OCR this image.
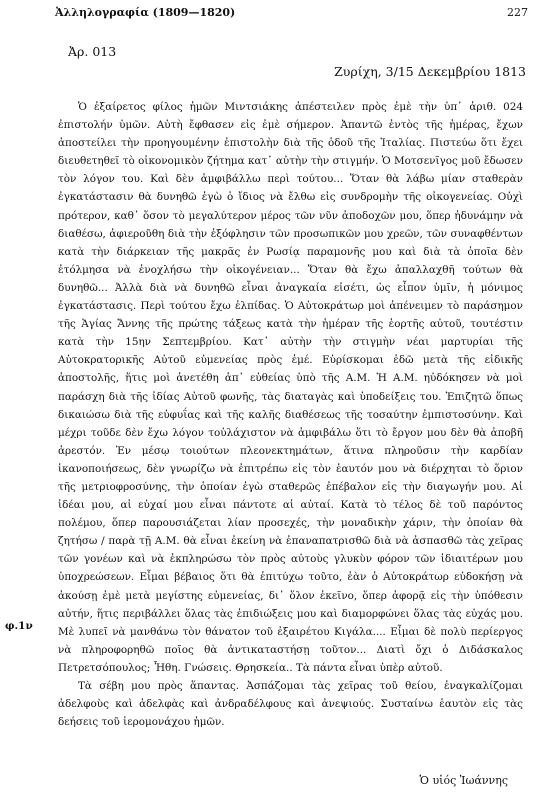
Ἀλληλογραφία (1809—1820)	227
Ἀρ. 013
Ζυρίχη, 3/15 Δεκεμβρίου 1813
φ.1ν

Ὁ ἐξαίρετος φίλος ἡμῶν Μιντσιάκης ἀπέστειλεν πρὸς ἐμὲ τὴν ὑπ᾽ ἀριθ. 024 ἐπιστολήν ὑμῶν. Αὐτὴ ἔφθασεν εἰς ἐμὲ σήμερον. Ἀπαντῶ ἐντὸς τῆς ἡμέρας, ἔχων ἀποστείλει τὴν προηγουμένην ἐπιστολὴν διὰ τῆς ὁδοῦ τῆς Ἰταλίας. Πιστεύω ὅτι ἔχει διευθετηθεῖ τὸ οἰκονομικὸν ζήτημα κατ᾽ αὐτὴν τὴν στιγμήν. Ὁ Μοτσενῖγος μοῦ ἔδωσεν τὸν λόγον του. Καὶ δὲν ἀμφιβάλλω περὶ τούτου... Ὅταν θὰ λάβω μίαν σταθερὰν ἐγκατάστασιν θὰ δυνηθῶ ἐγὼ ὁ ἴδιος νὰ ἔλθω εἰς συνδρομὴν τῆς οἰκογενείας. Οὐχὶ πρότερον, καθ᾽ ὅσον τὸ μεγαλύτερον μέρος τῶν νῦν ἀποδοχῶν μου, ὅπερ ἠδυνάμην νὰ διαθέσω, ἀφιεροῦθη διὰ τὴν ἐξόφλησιν τῶν προσωπικῶν μου χρεῶν, τῶν συναφθέντων κατὰ τὴν διάρκειαν τῆς μακρᾶς ἐν Ρωσίᾳ παραμονῆς μου καὶ διὰ τὰ ὁποῖα δὲν ἐτόλμησα νὰ ἐνοχλήσω τὴν οἰκογένειαν... Ὅταν θὰ ἔχω ἀπαλλαχθῆ τούτων θὰ δυνηθῶ... Ἀλλὰ διὰ νὰ δυνηθῶ εἶναι ἀναγκαία εἰσέτι, ὡς εἶπον ὑμῖν, ἡ μόνιμος ἐγκατάστασις. Περὶ τούτου ἔχω ἐλπίδας. Ὁ Αὐτοκράτωρ μοὶ ἀπένειμεν τὸ παράσημον τῆς Ἁγίας Ἄννης τῆς πρώτης τάξεως κατὰ τὴν ἡμέραν τῆς ἑορτῆς αὐτοῦ, τουτέστιν κατὰ τὴν 15ην Σεπτεμβρίου. Κατ᾽ αὐτὴν τὴν στιγμὴν νέαι μαρτυρίαι τῆς Αὐτοκρατορικῆς Αὐτοῦ εὐμενείας πρὸς ἐμέ. Εὑρίσκομαι ἐδῶ μετὰ τῆς εἰδικῆς ἀποστολῆς, ἥτις μοὶ ἀνετέθη ἀπ᾽ εὐθείας ὑπὸ τῆς Α.Μ. Ἡ Α.Μ. ηὐδόκησεν νὰ μοὶ παράσχη διὰ τῆς ἰδίας Αὐτοῦ φωνῆς, τὰς διαταγὰς καὶ ὑποδείξεις του. Ἐπιζητῶ ὅπως δικαιώσω διὰ τῆς εὐφυΐας καὶ τῆς καλῆς διαθέσεως τῆς τοσαύτην ἐμπιστοσύνην. Καὶ μέχρι τοῦδε δὲν ἔχω λόγον τοὐλάχιστον νὰ ἀμφιβάλω ὅτι τὸ ἔργον μου δὲν θὰ ἀποβῆ ἀρεστόν. Ἐν μέσῳ τοιούτων πλεονεκτημάτων, ἅτινα πληροῦσιν τὴν καρδίαν ἱκανοποιήσεως, δὲν γνωρίζω νὰ ἐπιτρέπω εἰς τὸν ἑαυτόν μου νὰ διέρχηται τὸ ὅριον τῆς μετριοφροσύνης, τὴν ὁποίαν ἐγὼ σταθερῶς ἐπέβαλον εἰς τὴν διαγωγήν μου. Αἱ ἰδέαι μου, αἱ εὐχαί μου εἶναι πάντοτε αἱ αὐταί. Κατὰ τὸ τέλος δὲ τοῦ παρόντος πολέμου, ὅπερ παρουσιάζεται λίαν προσεχές, τὴν μοναδικὴν χάριν, τὴν ὁποίαν θὰ ζητήσω / παρὰ τῇ Α.Μ. θὰ εἶναι ἐκείνη νὰ ἐπαναπατρισθῶ διὰ νὰ ἀσπασθῶ τὰς χεῖρας τῶν γονέων καὶ νὰ ἐκπληρώσω τὸν πρὸς αὐτοὺς γλυκὺν φόρον τῶν ἰδιαιτέρων μου ὑποχρεώσεων. Εἶμαι βέβαιος ὅτι θὰ ἐπιτύχω τοῦτο, ἐὰν ὁ Αὐτοκράτωρ εὐδοκήσῃ νὰ ἀκούσῃ ἐμὲ μετὰ μεγίστης εὐμενείας, δι᾽ ὅλον ἐκεῖνο, ὅπερ ἀφορᾷ εἰς τὴν ὑπόθεσιν αὐτήν, ἥτις περιβάλλει ὅλας τὰς ἐπιδιώξεις μου καὶ διαμορφώνει ὅλας τὰς εὐχάς μου. Μὲ λυπεῖ νὰ μανθάνω τὸν θάνατον τοῦ ἐξαιρέτου Κιγάλα.... Εἶμαι δὲ πολὺ περίεργος νὰ πληροφορηθῶ ποῖος θὰ ἀντικαταστήσῃ τοῦτον... Διατὶ ὄχι ὁ Διδάσκαλος Πετρετσόπουλος; Ἦθη. Γνώσεις. Θρησκεία.. Τὰ πάντα εἶναι ὑπὲρ αὐτοῦ.

Τὰ σέβη μου πρὸς ἅπαντας. Ἀσπάζομαι τὰς χεῖρας τοῦ θείου, ἐναγκαλίζομαι ἀδελφοὺς καὶ ἀδελφὰς καὶ ἀνδραδέλφους καὶ ἀνεψιούς. Συσταίνω ἑαυτὸν εἰς τὰς δεήσεις τοῦ ἱερομονάχου ἡμῶν.

Ὁ υἱός Ἰωάννης
